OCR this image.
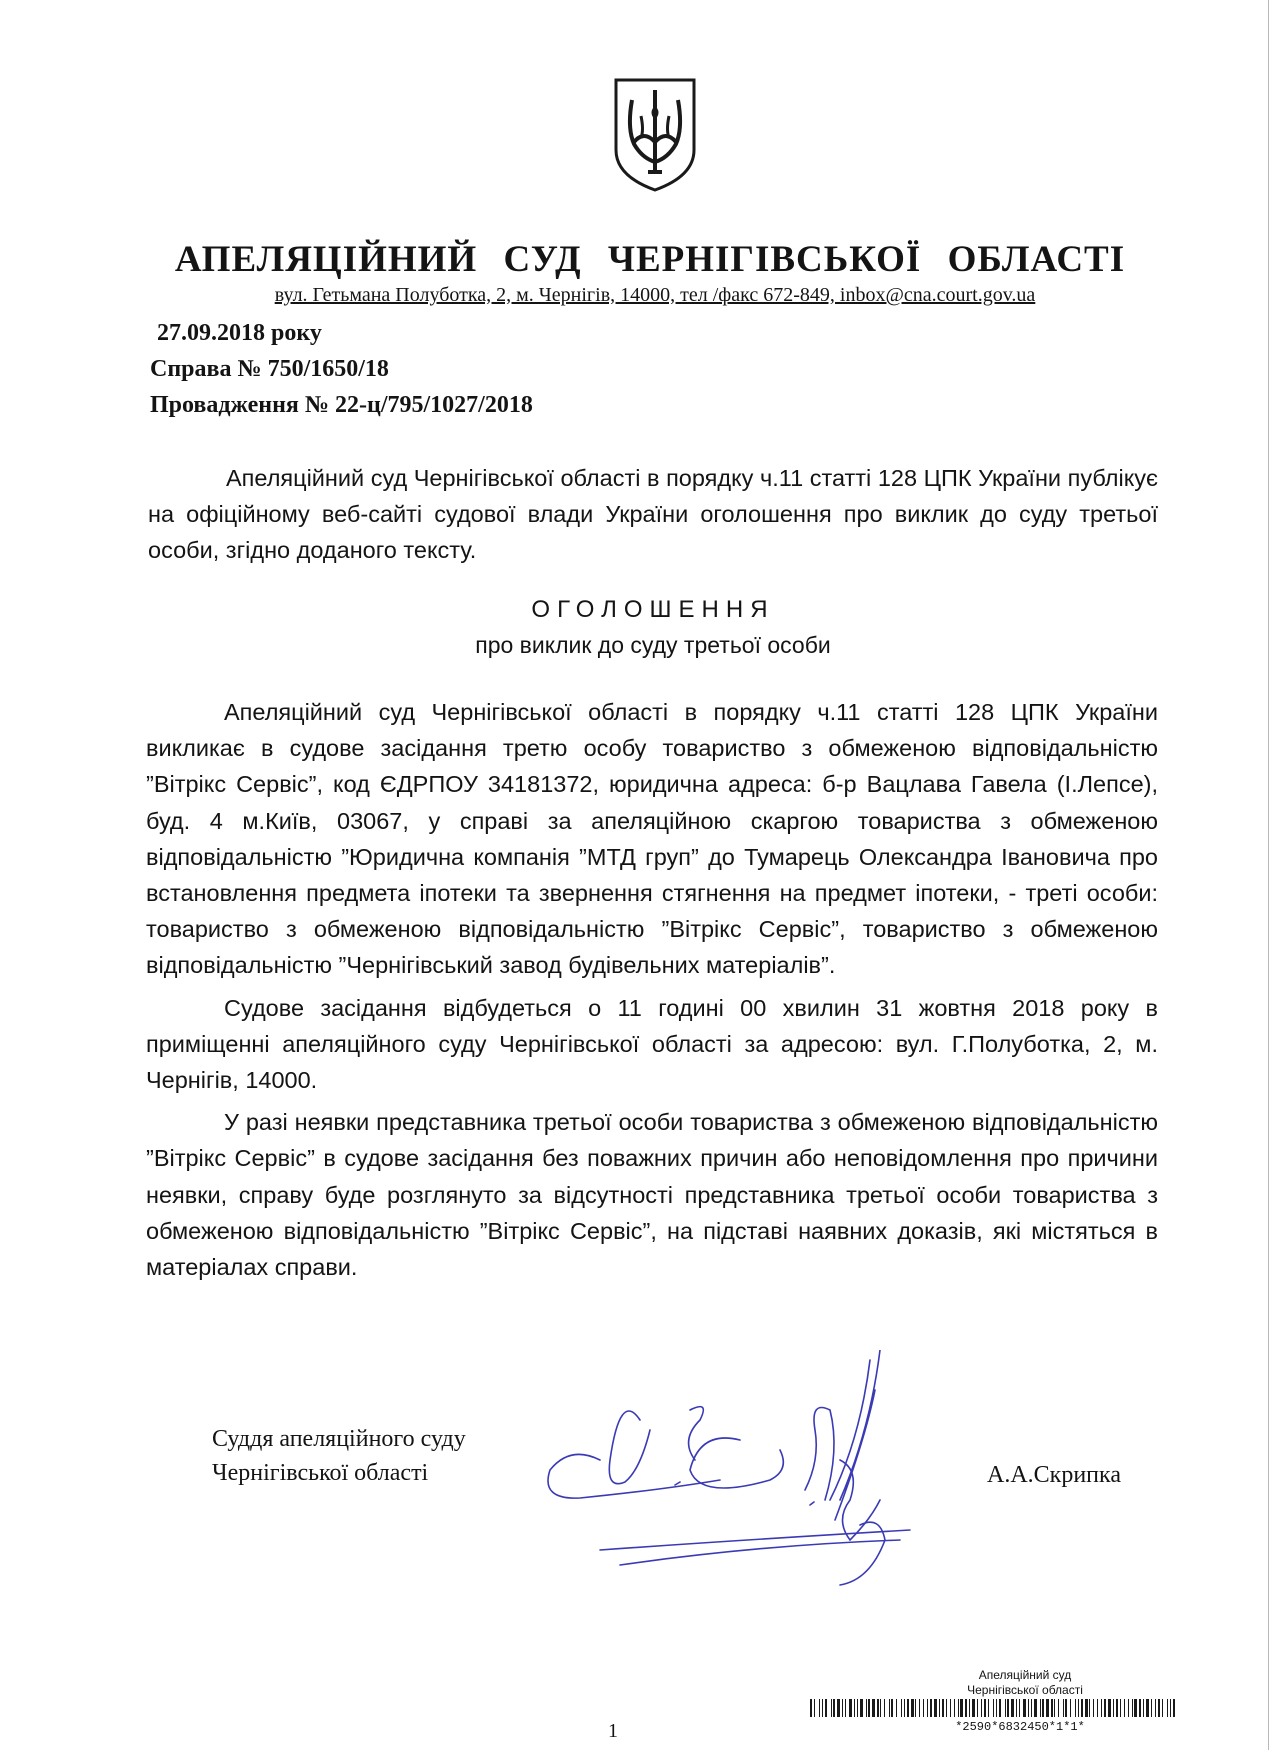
АПЕЛЯЦІЙНИЙ СУД ЧЕРНІГІВСЬКОЇ ОБЛАСТІ
вул. Гетьмана Полуботка, 2, м. Чернігів, 14000, тел /факс 672-849, inbox@cna.court.gov.ua
27.09.2018 року
Справа № 750/1650/18
Провадження № 22-ц/795/1027/2018

Апеляційний суд Чернігівської області в порядку ч.11 статті 128 ЦПК України публікує на офіційному веб-сайті судової влади України оголошення про виклик до суду третьої особи, згідно доданого тексту.

ОГОЛОШЕННЯ
про виклик до суду третьої особи

Апеляційний суд Чернігівської області в порядку ч.11 статті 128 ЦПК України викликає в судове засідання третю особу товариство з обмеженою відповідальністю ”Вітрікс Сервіс”, код ЄДРПОУ 34181372, юридична адреса: б-р Вацлава Гавела (І.Лепсе), буд. 4 м.Київ, 03067, у справі за апеляційною скаргою товариства з обмеженою відповідальністю ”Юридична компанія ”МТД груп” до Тумарець Олександра Івановича про встановлення предмета іпотеки та звернення стягнення на предмет іпотеки, - треті особи: товариство з обмеженою відповідальністю ”Вітрікс Сервіс”, товариство з обмеженою відповідальністю ”Чернігівський завод будівельних матеріалів”.

Судове засідання відбудеться о 11 годині 00 хвилин 31 жовтня 2018 року в приміщенні апеляційного суду Чернігівської області за адресою: вул. Г.Полуботка, 2, м. Чернігів, 14000.

У разі неявки представника третьої особи товариства з обмеженою відповідальністю ”Вітрікс Сервіс” в судове засідання без поважних причин або неповідомлення про причини неявки, справу буде розглянуто за відсутності представника третьої особи товариства з обмеженою відповідальністю ”Вітрікс Сервіс”, на підставі наявних доказів, які містяться в матеріалах справи.

Суддя апеляційного суду
Чернігівської області	А.А.Скрипка
1
Апеляційний суд
Чернігівської області
*2590*6832450*1*1*
